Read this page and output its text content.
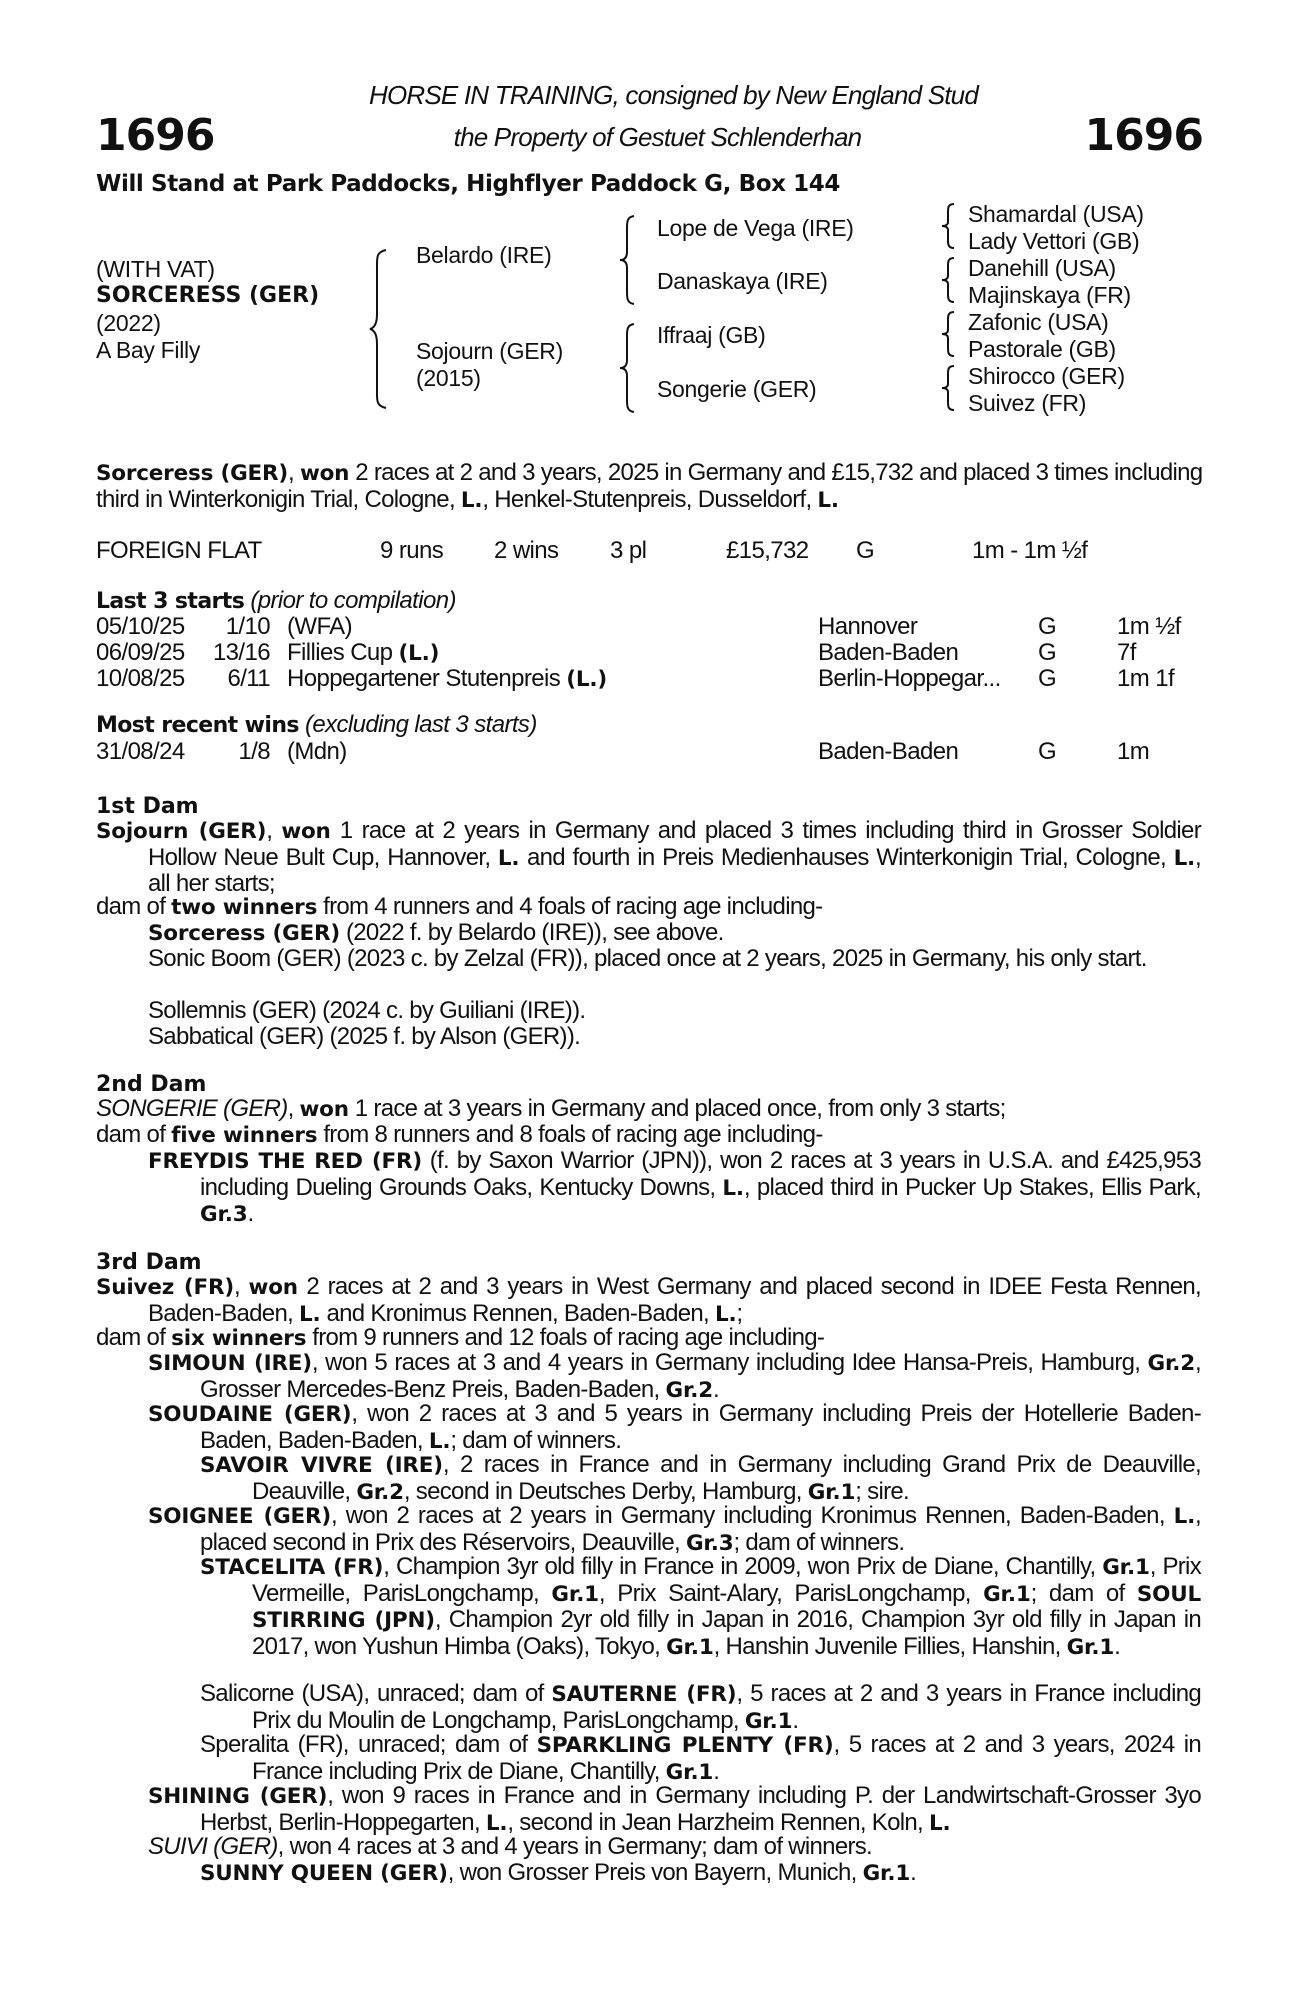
HORSE IN TRAINING, consigned by New England Stud
the Property of Gestuet Schlenderhan
1696	1696
Will Stand at Park Paddocks, Highflyer Paddock G, Box 144
(WITH VAT)
SORCERESS (GER)
(2022)
A Bay Filly
Belardo (IRE)
Sojourn (GER)
(2015)
Lope de Vega (IRE)
Danaskaya (IRE)
Iffraaj (GB)
Songerie (GER)
Shamardal (USA)
Lady Vettori (GB)
Danehill (USA)
Majinskaya (FR)
Zafonic (USA)
Pastorale (GB)
Shirocco (GER)
Suivez (FR)
Sorceress (GER), won 2 races at 2 and 3 years, 2025 in Germany and £15,732 and placed 3 times including third in Winterkonigin Trial, Cologne, L., Henkel-Stutenpreis, Dusseldorf, L.
FOREIGN FLAT	9 runs 2 wins 3 pl	£15,732 G	1m - 1m ½f
Last 3 starts (prior to compilation)
05/10/25 1/10 (WFA)	Hannover	G	1m ½f
06/09/25 13/16 Fillies Cup (L.)	Baden-Baden	G	7f
10/08/25	6/11 Hoppegartener Stutenpreis (L.)	Berlin-Hoppegar... G	1m 1f
Most recent wins (excluding last 3 starts)
31/08/24	1/8 (Mdn)	Baden-Baden	G	1m
1st Dam
Sojourn (GER), won 1 race at 2 years in Germany and placed 3 times including third in Grosser Soldier Hollow Neue Bult Cup, Hannover, L. and fourth in Preis Medienhauses Winterkonigin Trial, Cologne, L., all her starts;
dam of two winners from 4 runners and 4 foals of racing age including-
Sorceress (GER) (2022 f. by Belardo (IRE)), see above.
Sonic Boom (GER) (2023 c. by Zelzal (FR)), placed once at 2 years, 2025 in Germany, his only start.
Sollemnis (GER) (2024 c. by Guiliani (IRE)).
Sabbatical (GER) (2025 f. by Alson (GER)).
2nd Dam
SONGERIE (GER), won 1 race at 3 years in Germany and placed once, from only 3 starts;
dam of five winners from 8 runners and 8 foals of racing age including-
FREYDIS THE RED (FR) (f. by Saxon Warrior (JPN)), won 2 races at 3 years in U.S.A. and £425,953 including Dueling Grounds Oaks, Kentucky Downs, L., placed third in Pucker Up Stakes, Ellis Park, Gr.3.
3rd Dam
Suivez (FR), won 2 races at 2 and 3 years in West Germany and placed second in IDEE Festa Rennen, Baden-Baden, L. and Kronimus Rennen, Baden-Baden, L.;
dam of six winners from 9 runners and 12 foals of racing age including-
SIMOUN (IRE), won 5 races at 3 and 4 years in Germany including Idee Hansa-Preis, Hamburg, Gr.2, Grosser Mercedes-Benz Preis, Baden-Baden, Gr.2.
SOUDAINE (GER), won 2 races at 3 and 5 years in Germany including Preis der Hotellerie Baden-Baden, Baden-Baden, L.; dam of winners.
SAVOIR VIVRE (IRE), 2 races in France and in Germany including Grand Prix de Deauville, Deauville, Gr.2, second in Deutsches Derby, Hamburg, Gr.1; sire.
SOIGNEE (GER), won 2 races at 2 years in Germany including Kronimus Rennen, Baden-Baden, L., placed second in Prix des Réservoirs, Deauville, Gr.3; dam of winners.
STACELITA (FR), Champion 3yr old filly in France in 2009, won Prix de Diane, Chantilly, Gr.1, Prix Vermeille, ParisLongchamp, Gr.1, Prix Saint-Alary, ParisLongchamp, Gr.1; dam of SOUL STIRRING (JPN), Champion 2yr old filly in Japan in 2016, Champion 3yr old filly in Japan in 2017, won Yushun Himba (Oaks), Tokyo, Gr.1, Hanshin Juvenile Fillies, Hanshin, Gr.1.
Salicorne (USA), unraced; dam of SAUTERNE (FR), 5 races at 2 and 3 years in France including Prix du Moulin de Longchamp, ParisLongchamp, Gr.1.
Speralita (FR), unraced; dam of SPARKLING PLENTY (FR), 5 races at 2 and 3 years, 2024 in France including Prix de Diane, Chantilly, Gr.1.
SHINING (GER), won 9 races in France and in Germany including P. der Landwirtschaft-Grosser 3yo Herbst, Berlin-Hoppegarten, L., second in Jean Harzheim Rennen, Koln, L.
SUIVI (GER), won 4 races at 3 and 4 years in Germany; dam of winners.
SUNNY QUEEN (GER), won Grosser Preis von Bayern, Munich, Gr.1.
